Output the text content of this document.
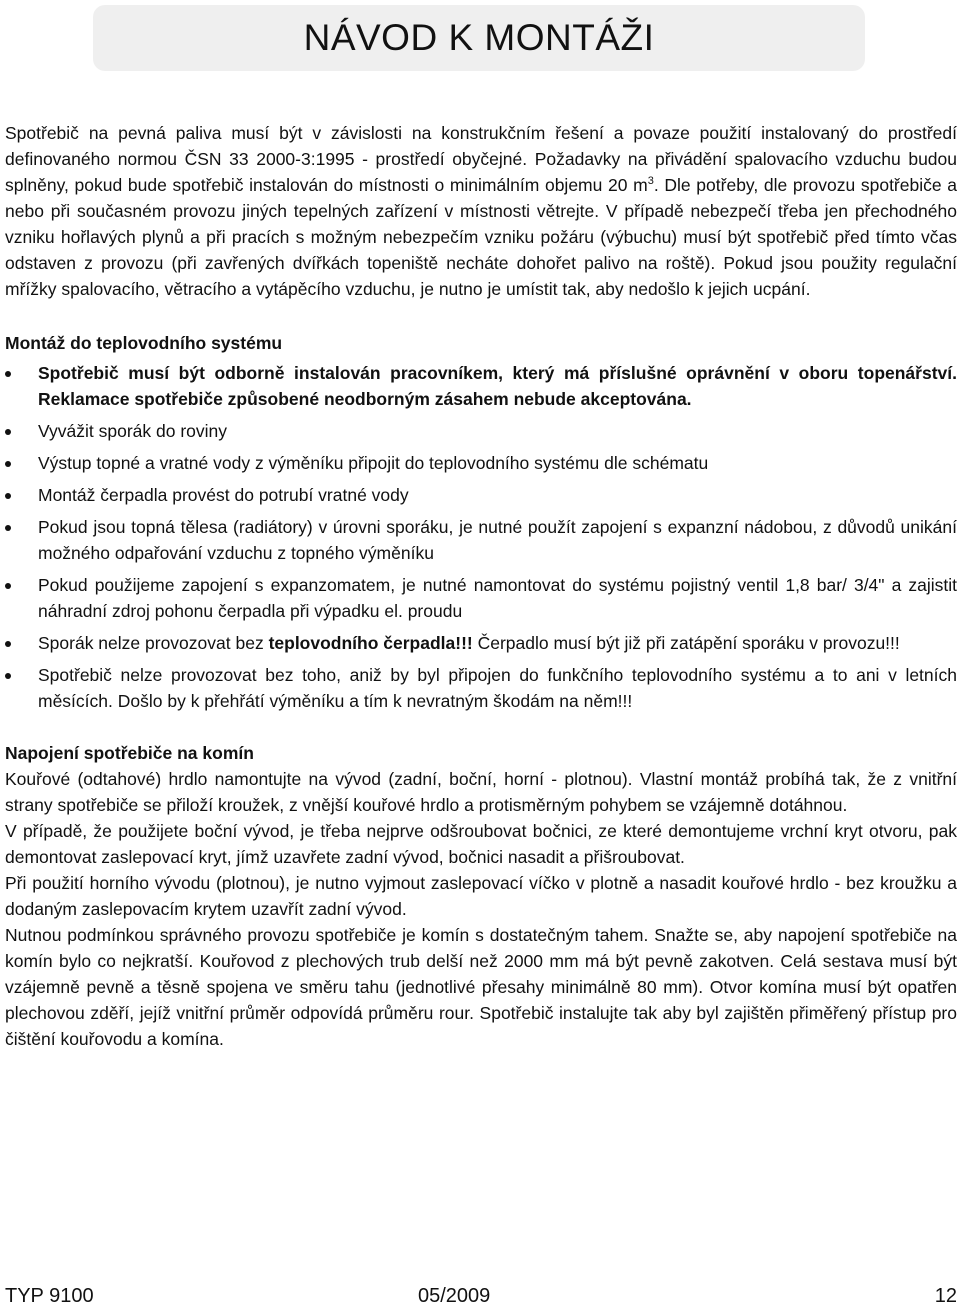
NÁVOD K MONTÁŽI

Spotřebič na pevná paliva musí být v závislosti na konstrukčním řešení a povaze použití instalovaný do prostředí definovaného normou ČSN 33 2000-3:1995 - prostředí obyčejné. Požadavky na přivádění spalovacího vzduchu budou splněny, pokud bude spotřebič instalován do místnosti o minimálním objemu 20 $m^3$. Dle potřeby, dle provozu spotřebiče a nebo při současném provozu jiných tepelných zařízení v místnosti větrejte. V případě nebezpečí třeba jen přechodného vzniku hořlavých plynů a při pracích s možným nebezpečím vzniku požáru (výbuchu) musí být spotřebič před tímto včas odstaven z provozu (při zavřených dvířkách topeniště necháte dohořet palivo na roště). Pokud jsou použity regulační mřížky spalovacího, větracího a vytápěcího vzduchu, je nutno je umístit tak, aby nedošlo k jejich ucpání.

Montáž do teplovodního systému

Spotřebič musí být odborně instalován pracovníkem, který má příslušné oprávnění v oboru topenářství. Reklamace spotřebiče způsobené neodborným zásahem nebude akceptována.
Vyvážit sporák do roviny
Výstup topné a vratné vody z výměníku připojit do teplovodního systému dle schématu
Montáž čerpadla provést do potrubí vratné vody
Pokud jsou topná tělesa (radiátory) v úrovni sporáku, je nutné použít zapojení s expanzní nádobou, z důvodů unikání možného odpařování vzduchu z topného výměníku
Pokud použijeme zapojení s expanzomatem, je nutné namontovat do systému pojistný ventil 1,8 bar/ 3/4" a zajistit náhradní zdroj pohonu čerpadla při výpadku el. proudu
Sporák nelze provozovat bez teplovodního čerpadla!!! Čerpadlo musí být již při zatápění sporáku v provozu!!!
Spotřebič nelze provozovat bez toho, aniž by byl připojen do funkčního teplovodního systému a to ani v letních měsících. Došlo by k přehřátí výměníku a tím k nevratným škodám na něm!!!

Napojení spotřebiče na komín

Kouřové (odtahové) hrdlo namontujte na vývod (zadní, boční, horní - plotnou). Vlastní montáž probíhá tak, že z vnitřní strany spotřebiče se přiloží kroužek, z vnější kouřové hrdlo a protisměrným pohybem se vzájemně dotáhnou.

V případě, že použijete boční vývod, je třeba nejprve odšroubovat bočnici, ze které demontujeme vrchní kryt otvoru, pak demontovat zaslepovací kryt, jímž uzavřete zadní vývod, bočnici nasadit a přišroubovat.

Při použití horního vývodu (plotnou), je nutno vyjmout zaslepovací víčko v plotně a nasadit kouřové hrdlo - bez kroužku a dodaným zaslepovacím krytem uzavřít zadní vývod.

Nutnou podmínkou správného provozu spotřebiče je komín s dostatečným tahem. Snažte se, aby napojení spotřebiče na komín bylo co nejkratší. Kouřovod z plechových trub delší než 2000 mm má být pevně zakotven. Celá sestava musí být vzájemně pevně a těsně spojena ve směru tahu (jednotlivé přesahy minimálně 80 mm). Otvor komína musí být opatřen plechovou zděří, jejíž vnitřní průměr odpovídá průměru rour. Spotřebič instalujte tak aby byl zajištěn přiměřený přístup pro čištění kouřovodu a komína.

TYP 9100	05/2009	12
